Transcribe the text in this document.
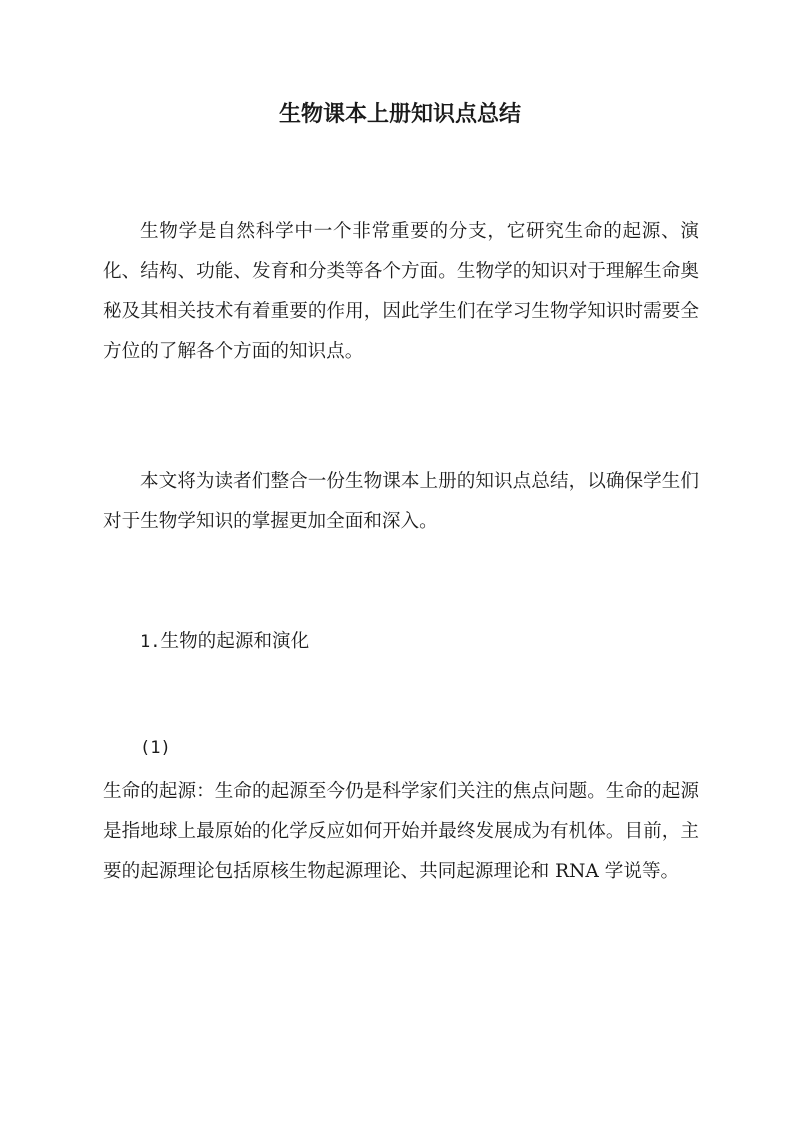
生物课本上册知识点总结

生物学是自然科学中一个非常重要的分支，它研究生命的起源、演化、结构、功能、发育和分类等各个方面。生物学的知识对于理解生命奥秘及其相关技术有着重要的作用，因此学生们在学习生物学知识时需要全方位的了解各个方面的知识点。

本文将为读者们整合一份生物课本上册的知识点总结，以确保学生们对于生物学知识的掌握更加全面和深入。

1.生物的起源和演化

(1)

生命的起源：生命的起源至今仍是科学家们关注的焦点问题。生命的起源是指地球上最原始的化学反应如何开始并最终发展成为有机体。目前，主要的起源理论包括原核生物起源理论、共同起源理论和 RNA 学说等。
